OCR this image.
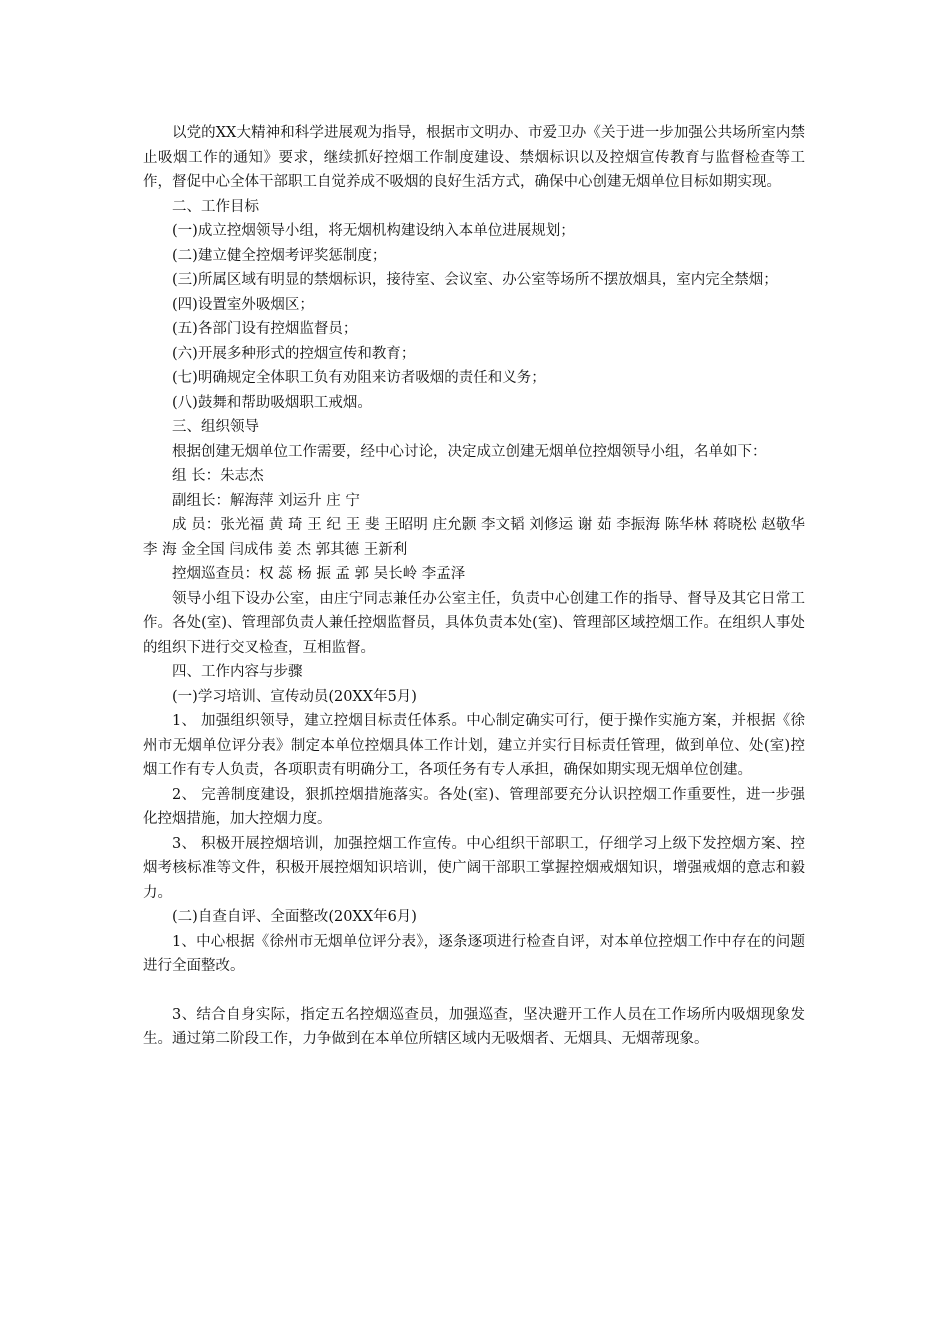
以党的XX大精神和科学进展观为指导，根据市文明办、市爱卫办《关于进一步加强公共场所室内禁止吸烟工作的通知》要求，继续抓好控烟工作制度建设、禁烟标识以及控烟宣传教育与监督检查等工作，督促中心全体干部职工自觉养成不吸烟的良好生活方式，确保中心创建无烟单位目标如期实现。

二、工作目标

(一)成立控烟领导小组，将无烟机构建设纳入本单位进展规划；

(二)建立健全控烟考评奖惩制度；

(三)所属区域有明显的禁烟标识，接待室、会议室、办公室等场所不摆放烟具，室内完全禁烟；

(四)设置室外吸烟区；

(五)各部门设有控烟监督员；

(六)开展多种形式的控烟宣传和教育；

(七)明确规定全体职工负有劝阻来访者吸烟的责任和义务；

(八)鼓舞和帮助吸烟职工戒烟。

三、组织领导

根据创建无烟单位工作需要，经中心讨论，决定成立创建无烟单位控烟领导小组，名单如下：

组 长：朱志杰

副组长：解海萍 刘运升 庄 宁

成 员：张光福 黄 琦 王 纪 王 斐 王昭明 庄允颢 李文韬 刘修运 谢 茹 李振海 陈华林 蒋晓松 赵敬华 李 海 金全国 闫成伟 姜 杰 郭其德 王新利

控烟巡查员：权 蕊 杨 振 孟 郭 吴长岭 李孟泽

领导小组下设办公室，由庄宁同志兼任办公室主任，负责中心创建工作的指导、督导及其它日常工作。各处(室)、管理部负责人兼任控烟监督员，具体负责本处(室)、管理部区域控烟工作。在组织人事处的组织下进行交叉检查，互相监督。

四、工作内容与步骤

(一)学习培训、宣传动员(20XX年5月)

1、 加强组织领导，建立控烟目标责任体系。中心制定确实可行，便于操作实施方案，并根据《徐州市无烟单位评分表》制定本单位控烟具体工作计划，建立并实行目标责任管理，做到单位、处(室)控烟工作有专人负责，各项职责有明确分工，各项任务有专人承担，确保如期实现无烟单位创建。

2、 完善制度建设，狠抓控烟措施落实。各处(室)、管理部要充分认识控烟工作重要性，进一步强化控烟措施，加大控烟力度。

3、 积极开展控烟培训，加强控烟工作宣传。中心组织干部职工，仔细学习上级下发控烟方案、控烟考核标准等文件，积极开展控烟知识培训，使广阔干部职工掌握控烟戒烟知识，增强戒烟的意志和毅力。

(二)自查自评、全面整改(20XX年6月)

1、中心根据《徐州市无烟单位评分表》，逐条逐项进行检查自评，对本单位控烟工作中存在的问题进行全面整改。

3、结合自身实际，指定五名控烟巡查员，加强巡查，坚决避开工作人员在工作场所内吸烟现象发生。通过第二阶段工作，力争做到在本单位所辖区域内无吸烟者、无烟具、无烟蒂现象。
